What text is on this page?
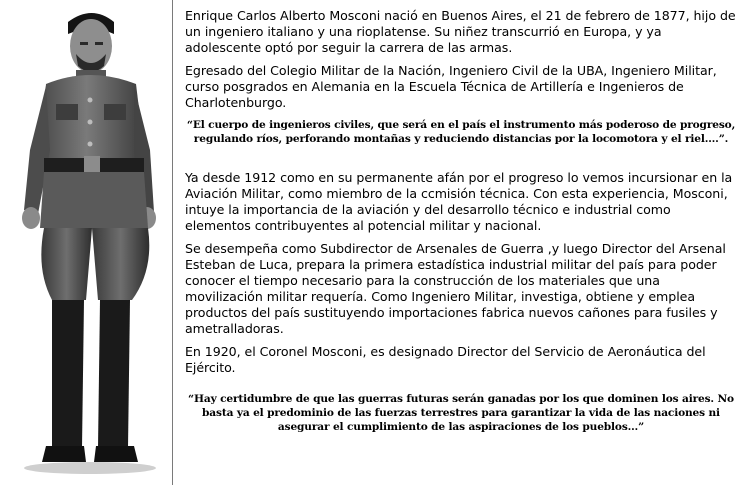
Enrique Carlos Alberto Mosconi nació en Buenos Aires, el 21 de febrero de 1877, hijo de un ingeniero italiano y una rioplatense. Su niñez transcurrió en Europa, y ya adolescente optó por seguir la carrera de las armas.

Egresado del Colegio Militar de la Nación, Ingeniero Civil de la UBA, Ingeniero Militar, curso posgrados en Alemania en la Escuela Técnica de Artillería e Ingenieros de Charlotenburgo.

“El cuerpo de ingenieros civiles, que será en el país el instrumento más poderoso de progreso, regulando ríos, perforando montañas y reduciendo distancias por la locomotora y el riel….”.

Ya desde 1912 como en su permanente afán por el progreso lo vemos incursionar en la Aviación Militar, como miembro de la ccmisión técnica. Con esta experiencia, Mosconi, intuye la importancia de la aviación y del desarrollo técnico e industrial como elementos contribuyentes al potencial militar y nacional.

Se desempeña como Subdirector de Arsenales de Guerra ,y luego Director del Arsenal Esteban de Luca, prepara la primera estadística industrial militar del país para poder conocer el tiempo necesario para la construcción de los materiales que una movilización militar requería. Como Ingeniero Militar, investiga, obtiene y emplea productos del país sustituyendo importaciones fabrica nuevos cañones para fusiles y ametralladoras.

En 1920, el Coronel Mosconi, es designado Director del Servicio de Aeronáutica del Ejército.

“Hay certidumbre de que las guerras futuras serán ganadas por los que dominen los aires. No basta ya el predominio de las fuerzas terrestres para garantizar la vida de las naciones ni asegurar el cumplimiento de las aspiraciones de los pueblos…”
